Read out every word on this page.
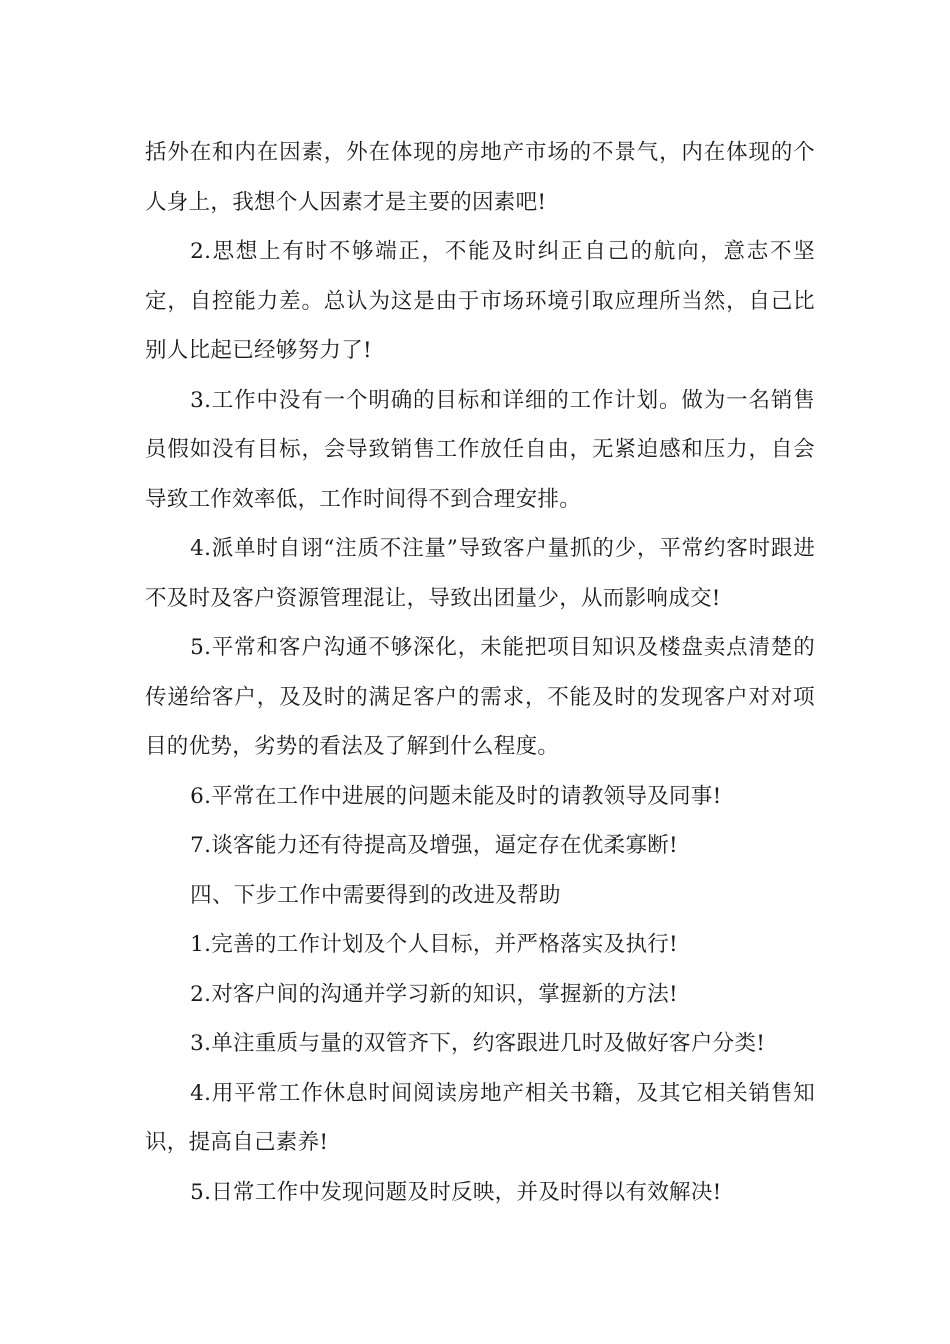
括外在和内在因素，外在体现的房地产市场的不景气，内在体现的个人身上，我想个人因素才是主要的因素吧!

2.思想上有时不够端正，不能及时纠正自己的航向，意志不坚定，自控能力差。总认为这是由于市场环境引取应理所当然，自己比别人比起已经够努力了!

3.工作中没有一个明确的目标和详细的工作计划。做为一名销售员假如没有目标，会导致销售工作放任自由，无紧迫感和压力，自会导致工作效率低，工作时间得不到合理安排。

4.派单时自诩“注质不注量”导致客户量抓的少，平常约客时跟进不及时及客户资源管理混让，导致出团量少，从而影响成交!

5.平常和客户沟通不够深化，未能把项目知识及楼盘卖点清楚的传递给客户，及及时的满足客户的需求，不能及时的发现客户对对项目的优势，劣势的看法及了解到什么程度。

6.平常在工作中进展的问题未能及时的请教领导及同事!

7.谈客能力还有待提高及增强，逼定存在优柔寡断!

四、下步工作中需要得到的改进及帮助

1.完善的工作计划及个人目标，并严格落实及执行!

2.对客户间的沟通并学习新的知识，掌握新的方法!

3.单注重质与量的双管齐下，约客跟进几时及做好客户分类!

4.用平常工作休息时间阅读房地产相关书籍，及其它相关销售知识，提高自己素养!

5.日常工作中发现问题及时反映，并及时得以有效解决!
